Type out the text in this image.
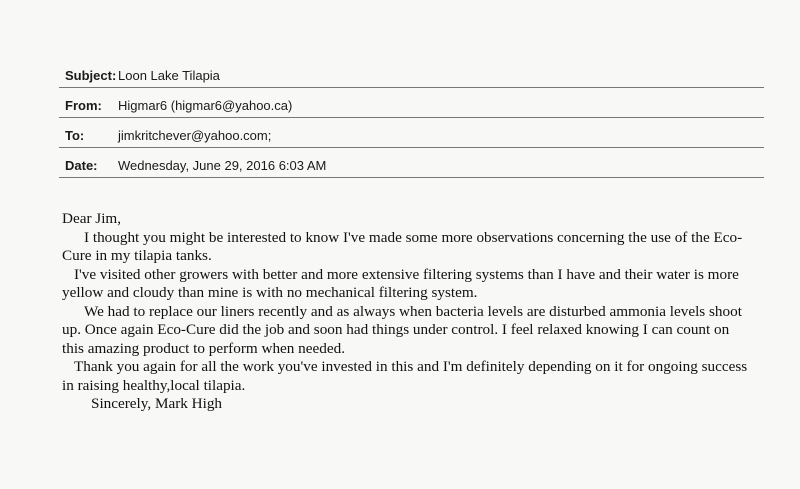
Subject: Loon Lake Tilapia
From: Higmar6 (higmar6@yahoo.ca)
To:	jimkritchever@yahoo.com;
Date: Wednesday, June 29, 2016 6:03 AM

Dear Jim,

I thought you might be interested to know I've made some more observations concerning the use of the Eco-Cure in my tilapia tanks.

I've visited other growers with better and more extensive filtering systems than I have and their water is more yellow and cloudy than mine is with no mechanical filtering system.

We had to replace our liners recently and as always when bacteria levels are disturbed ammonia levels shoot up. Once again Eco-Cure did the job and soon had things under control. I feel relaxed knowing I can count on this amazing product to perform when needed.

Thank you again for all the work you've invested in this and I'm definitely depending on it for ongoing success in raising healthy,local tilapia.

Sincerely, Mark High
